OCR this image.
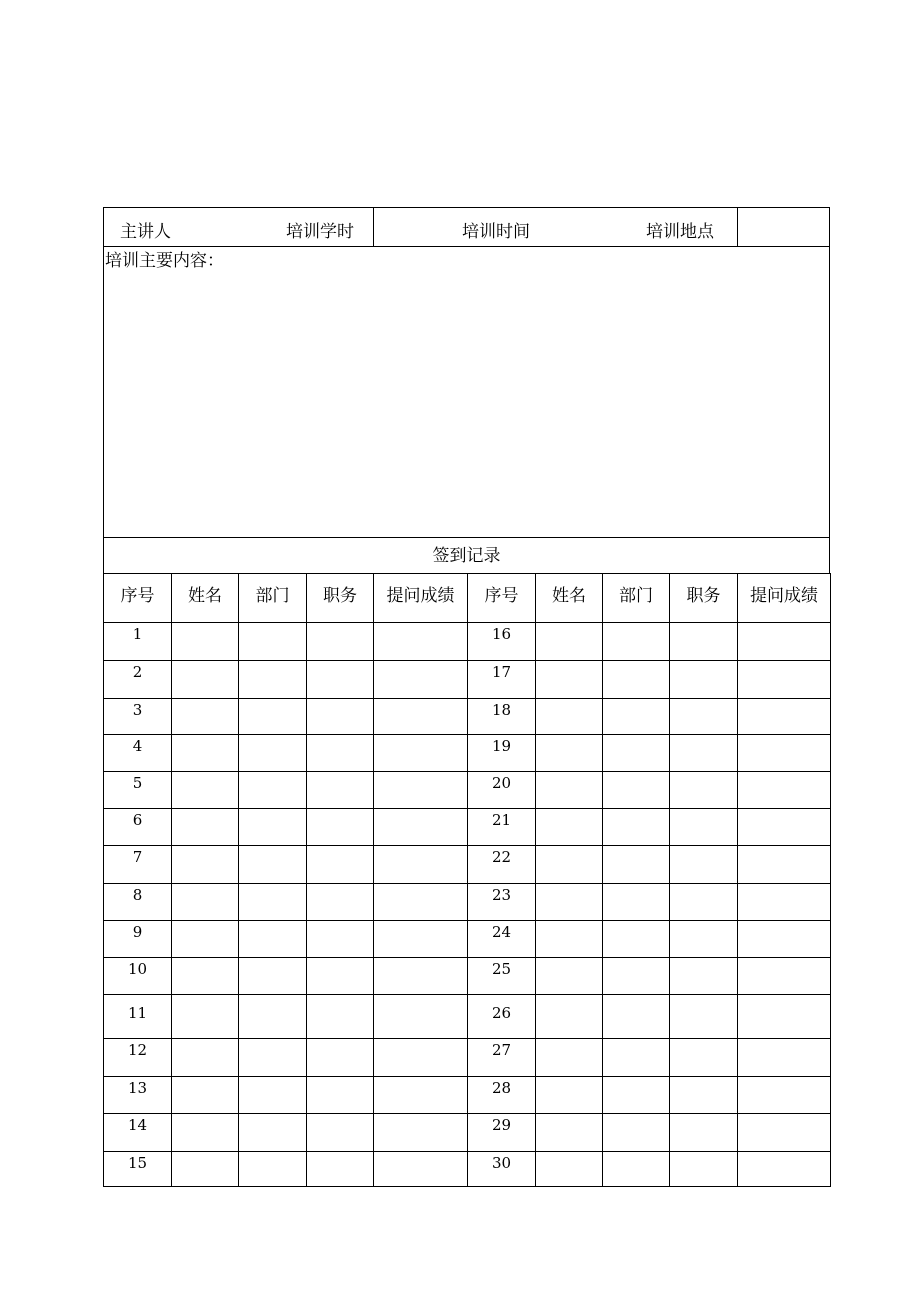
主讲人	培训学时	培训时间	培训地点
培训主要内容：
签到记录
序号	姓名	部门	职务	提问成绩	序号	姓名	部门	职务	提问成绩
1					16				
2					17				
3					18				
4					19				
5					20				
6					21				
7					22				
8					23				
9					24				
10					25				
11					26				
12					27				
13					28				
14					29				
15					30				
